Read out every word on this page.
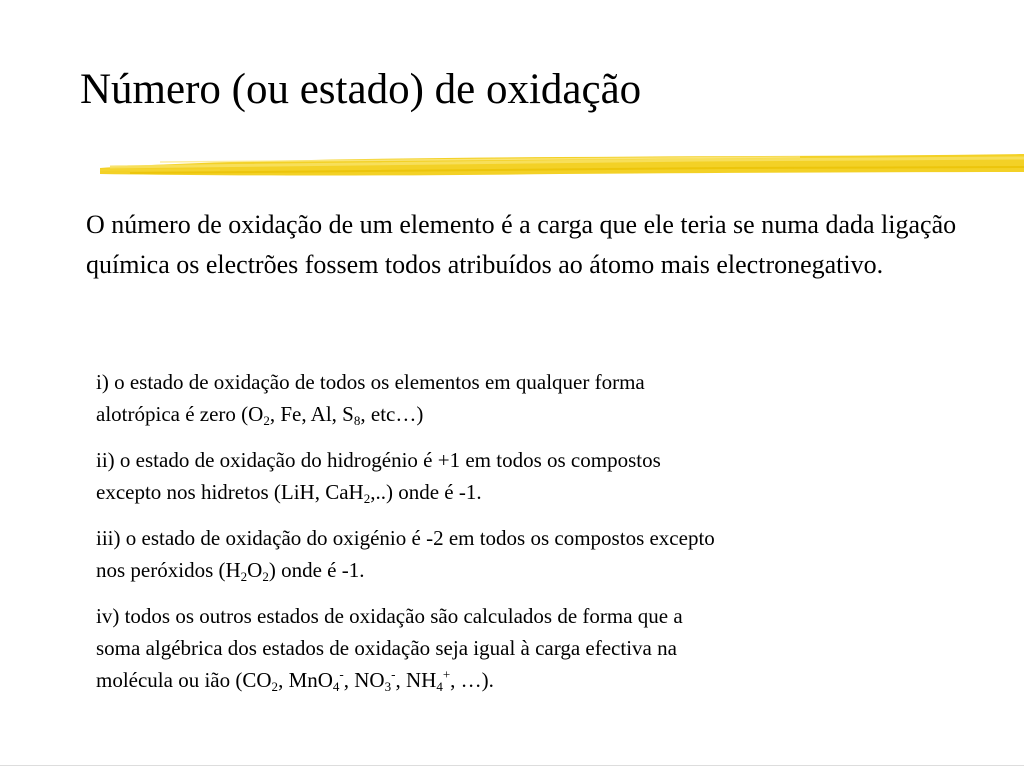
Número (ou estado) de oxidação

O número de oxidação de um elemento é a carga que ele teria se numa dada ligação química os electrões fossem todos atribuídos ao átomo mais electronegativo.

i) o estado de oxidação de todos os elementos em qualquer forma
alotrópica é zero ($O_2$, Fe, Al, $S_8$, etc…)

ii) o estado de oxidação do hidrogénio é +1 em todos os compostos
excepto nos hidretos (LiH, CaH$_2$,..) onde é -1.

iii) o estado de oxidação do oxigénio é -2 em todos os compostos excepto
nos peróxidos $(H_2O_2)$ onde é -1.

iv) todos os outros estados de oxidação são calculados de forma que a
soma algébrica dos estados de oxidação seja igual à carga efectiva na
molécula ou ião ($CO_2$, MnO$_4$-, $NO_3^-$, $NH_4^+$, …).
